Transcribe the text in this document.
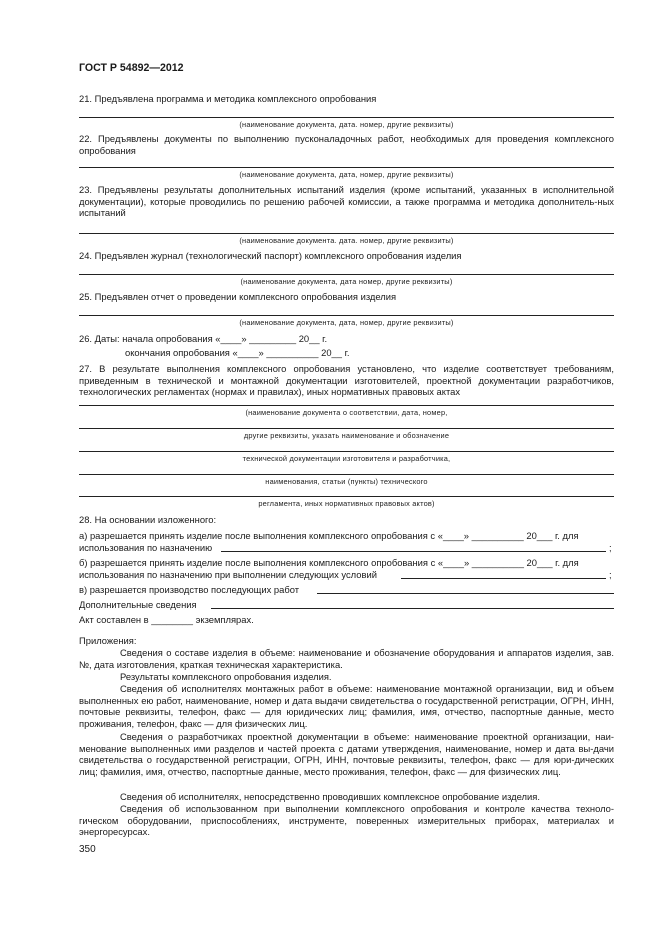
ГОСТ Р 54892—2012
21. Предъявлена программа и методика комплексного опробования
(наименование документа, дата. номер, другие реквизиты)
22. Предъявлены документы по выполнению пусконаладочных работ, необходимых для проведения комплексного опробования
(наименование документа, дата, номер, другие реквизиты)
23. Предъявлены результаты дополнительных испытаний изделия (кроме испытаний, указанных в исполнительной документации), которые проводились по решению рабочей комиссии, а также программа и методика дополнитель-ных испытаний
(наименование документа. дата. номер, другие реквизиты)
24. Предъявлен журнал (технологический паспорт) комплексного опробования изделия
(наименование документа, дата номер, другие реквизиты)
25. Предъявлен отчет о проведении комплексного опробования изделия
(наименование документа, дата, номер, другие реквизиты)
26. Даты: начала опробования «____» _________ 20__ г.
окончания опробования «____» __________ 20__ г.
27. В результате выполнения комплексного опробования установлено, что изделие соответствует требованиям, приведенным в технической и монтажной документации изготовителей, проектной документации разработчиков, технологических регламентах (нормах и правилах), иных нормативных правовых актах
(наименование документа о соответствии, дата, номер,
другие реквизиты, указать наименование и обозначение
технической документации изготовителя и разработчика,
наименования, статьи (пункты) технического
регламента, иных нормативных правовых актов)
28. На основании изложенного:
а) разрешается принять изделие после выполнения комплексного опробования с «____» __________ 20___ г. для
использования по назначению	;
б) разрешается принять изделие после выполнения комплексного опробования с «____» __________ 20___ г. для
использования по назначению при выполнении следующих условий	;
в) разрешается производство последующих работ
Дополнительные сведения
Акт составлен в ________ экземплярах.
Приложения:
Сведения о составе изделия в объеме: наименование и обозначение оборудования и аппаратов изделия, зав. №, дата изготовления, краткая техническая характеристика.
Результаты комплексного опробования изделия.
Сведения об исполнителях монтажных работ в объеме: наименование монтажной организации, вид и объем выполненных ею работ, наименование, номер и дата выдачи свидетельства о государственной регистрации, ОГРН, ИНН, почтовые реквизиты, телефон, факс — для юридических лиц; фамилия, имя, отчество, паспортные данные, место проживания, телефон, факс — для физических лиц.
Сведения о разработчиках проектной документации в объеме: наименование проектной организации, наи-менование выполненных ими разделов и частей проекта с датами утверждения, наименование, номер и дата вы-дачи свидетельства о государственной регистрации, ОГРН, ИНН, почтовые реквизиты, телефон, факс — для юри-дических лиц; фамилия, имя, отчество, паспортные данные, место проживания, телефон, факс — для физических лиц.
Сведения об исполнителях, непосредственно проводивших комплексное опробование изделия.
Сведения об использованном при выполнении комплексного опробования и контроле качества техноло-гическом оборудовании, приспособлениях, инструменте, поверенных измерительных приборах, материалах и энергоресурсах.
350
